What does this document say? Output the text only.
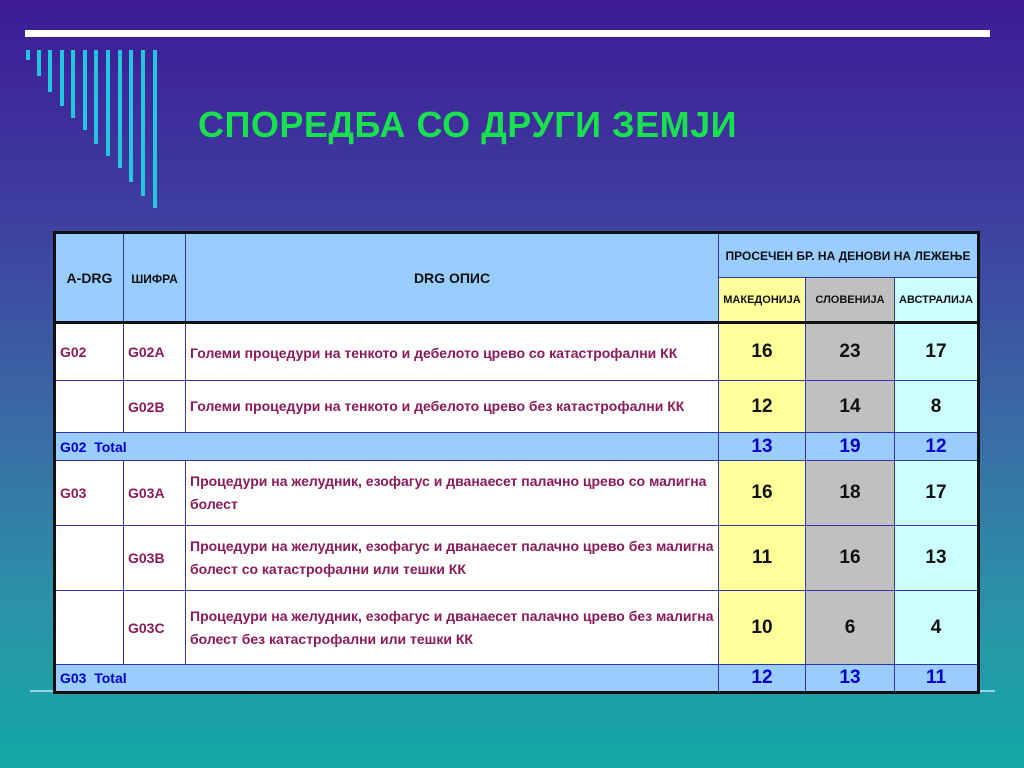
СПОРЕДБА СО ДРУГИ ЗЕМЈИ
A-DRG	ШИФРА	DRG ОПИС	ПРОСЕЧЕН БР. НА ДЕНОВИ НА ЛЕЖЕЊЕ		
			МАКЕДОНИЈА	СЛОВЕНИЈА	АВСТРАЛИЈА
G02	G02A	Големи процедури на тенкото и дебелото црево со катастрофални КК	16	23	17
	G02B	Големи процедури на тенкото и дебелото црево без катастрофални КК	12	14	8
G02  Total			13	19	12
G03	G03A	Процедури на желудник, езофагус и дванаесет палачно црево со малигна болест	16	18	17
	G03B	Процедури на желудник, езофагус и дванаесет палачно црево без малигна болест со катастрофални или тешки КК	11	16	13
	G03C	Процедури на желудник, езофагус и дванаесет палачно црево без малигна болест без катастрофални или тешки КК	10	6	4
G03  Total			12	13	11
